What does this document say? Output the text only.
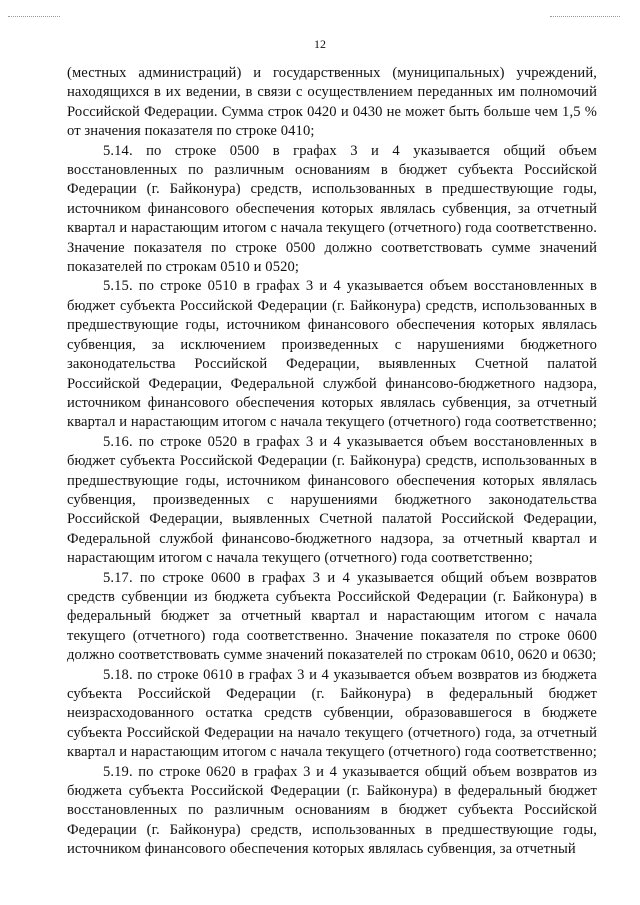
12

(местных администраций) и государственных (муниципальных) учреждений, находящихся в их ведении, в связи с осуществлением переданных им полномочий Российской Федерации. Сумма строк 0420 и 0430 не может быть больше чем 1,5 % от значения показателя по строке 0410;

5.14. по строке 0500 в графах 3 и 4 указывается общий объем восстановленных по различным основаниям в бюджет субъекта Российской Федерации (г. Байконура) средств, использованных в предшествующие годы, источником финансового обеспечения которых являлась субвенция, за отчетный квартал и нарастающим итогом с начала текущего (отчетного) года соответственно. Значение показателя по строке 0500 должно соответствовать сумме значений показателей по строкам 0510 и 0520;

5.15. по строке 0510 в графах 3 и 4 указывается объем восстановленных в бюджет субъекта Российской Федерации (г. Байконура) средств, использованных в предшествующие годы, источником финансового обеспечения которых являлась субвенция, за исключением произведенных с нарушениями бюджетного законодательства Российской Федерации, выявленных Счетной палатой Российской Федерации, Федеральной службой финансово-бюджетного надзора, источником финансового обеспечения которых являлась субвенция, за отчетный квартал и нарастающим итогом с начала текущего (отчетного) года соответственно;

5.16. по строке 0520 в графах 3 и 4 указывается объем восстановленных в бюджет субъекта Российской Федерации (г. Байконура) средств, использованных в предшествующие годы, источником финансового обеспечения которых являлась субвенция, произведенных с нарушениями бюджетного законодательства Российской Федерации, выявленных Счетной палатой Российской Федерации, Федеральной службой финансово-бюджетного надзора, за отчетный квартал и нарастающим итогом с начала текущего (отчетного) года соответственно;

5.17. по строке 0600 в графах 3 и 4 указывается общий объем возвратов средств субвенции из бюджета субъекта Российской Федерации (г. Байконура) в федеральный бюджет за отчетный квартал и нарастающим итогом с начала текущего (отчетного) года соответственно. Значение показателя по строке 0600 должно соответствовать сумме значений показателей по строкам 0610, 0620 и 0630;

5.18. по строке 0610 в графах 3 и 4 указывается объем возвратов из бюджета субъекта Российской Федерации (г. Байконура) в федеральный бюджет неизрасходованного остатка средств субвенции, образовавшегося в бюджете субъекта Российской Федерации на начало текущего (отчетного) года, за отчетный квартал и нарастающим итогом с начала текущего (отчетного) года соответственно;

5.19. по строке 0620 в графах 3 и 4 указывается общий объем возвратов из бюджета субъекта Российской Федерации (г. Байконура) в федеральный бюджет восстановленных по различным основаниям в бюджет субъекта Российской Федерации (г. Байконура) средств, использованных в предшествующие годы, источником финансового обеспечения которых являлась субвенция, за отчетный
